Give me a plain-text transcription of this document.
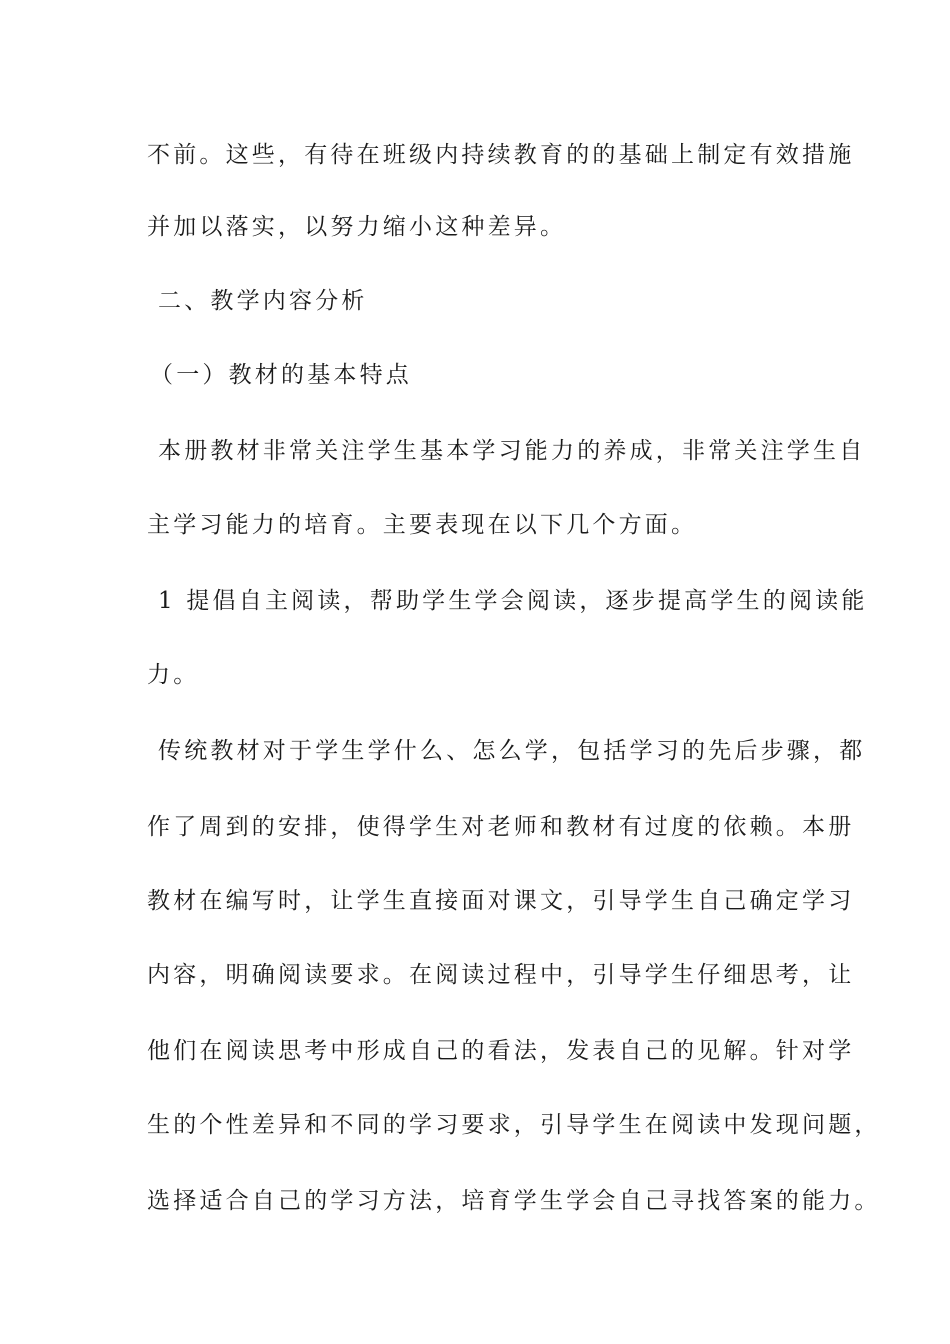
不前。这些，有待在班级内持续教育的的基础上制定有效措施
并加以落实，以努力缩小这种差异。
二、教学内容分析
（一）教材的基本特点
本册教材非常关注学生基本学习能力的养成，非常关注学生自
主学习能力的培育。主要表现在以下几个方面。
1 提倡自主阅读，帮助学生学会阅读，逐步提高学生的阅读能
力。
传统教材对于学生学什么、怎么学，包括学习的先后步骤，都
作了周到的安排，使得学生对老师和教材有过度的依赖。本册
教材在编写时，让学生直接面对课文，引导学生自己确定学习
内容，明确阅读要求。在阅读过程中，引导学生仔细思考，让
他们在阅读思考中形成自己的看法，发表自己的见解。针对学
生的个性差异和不同的学习要求，引导学生在阅读中发现问题，
选择适合自己的学习方法，培育学生学会自己寻找答案的能力。
